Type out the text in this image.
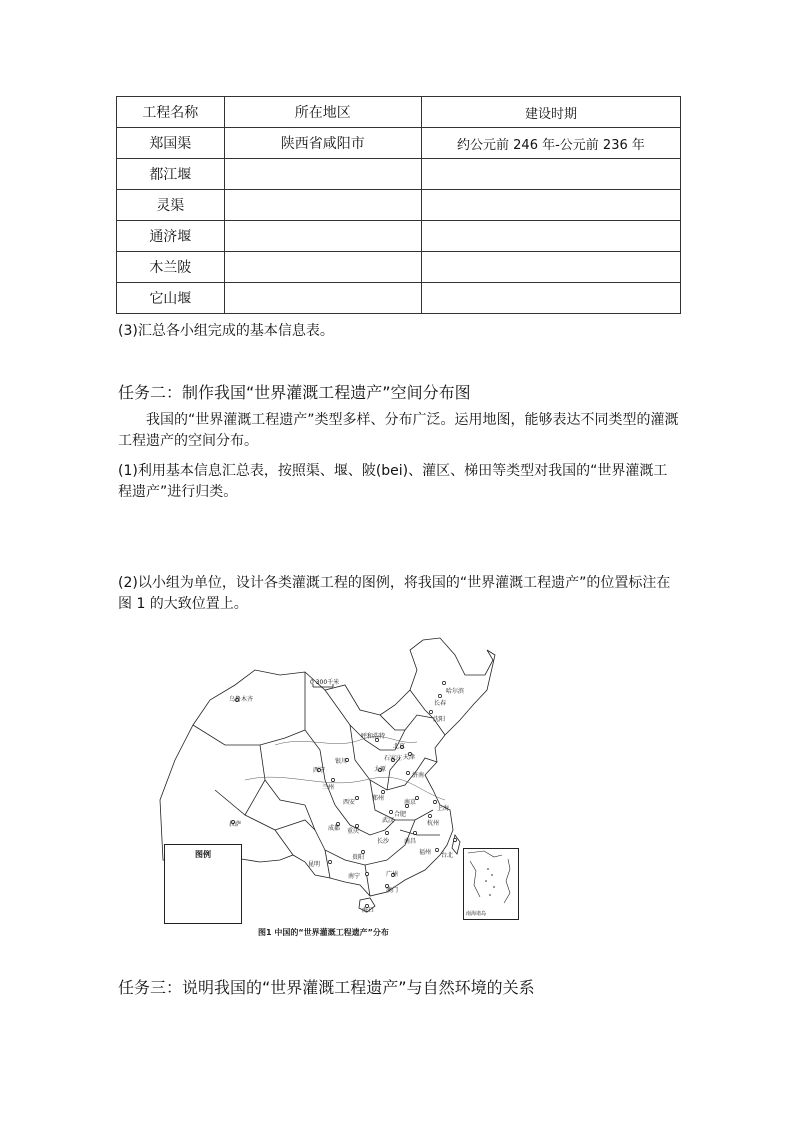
工程名称	所在地区	建设时期
郑国渠	陕西省咸阳市	约公元前 246 年-公元前 236 年
都江堰		
灵渠		
通济堰		
木兰陂		
它山堰		
(3)汇总各小组完成的基本信息表。
任务二：制作我国“世界灌溉工程遗产”空间分布图
我国的“世界灌溉工程遗产”类型多样、分布广泛。运用地图，能够表达不同类型的灌溉工程遗产的空间分布。
(1)利用基本信息汇总表，按照渠、堰、陂(bei)、灌区、梯田等类型对我国的“世界灌溉工程遗产”进行归类。
(2)以小组为单位，设计各类灌溉工程的图例，将我国的“世界灌溉工程遗产”的位置标注在图 1 的大致位置上。
0 300千米
乌鲁木齐
哈尔滨
长春
沈阳
呼和浩特
北京
天津
石家庄
太原
济南
银川
西宁
兰州
郑州
西安	南京
上海
合肥
武汉	杭州
成都 重庆
拉萨
长沙 南昌
贵阳
福州 台北
昆明
南宁	广州
澳门
海口
图例
南海诸岛
图1 中国的“世界灌溉工程遗产”分布
任务三：说明我国的“世界灌溉工程遗产”与自然环境的关系
